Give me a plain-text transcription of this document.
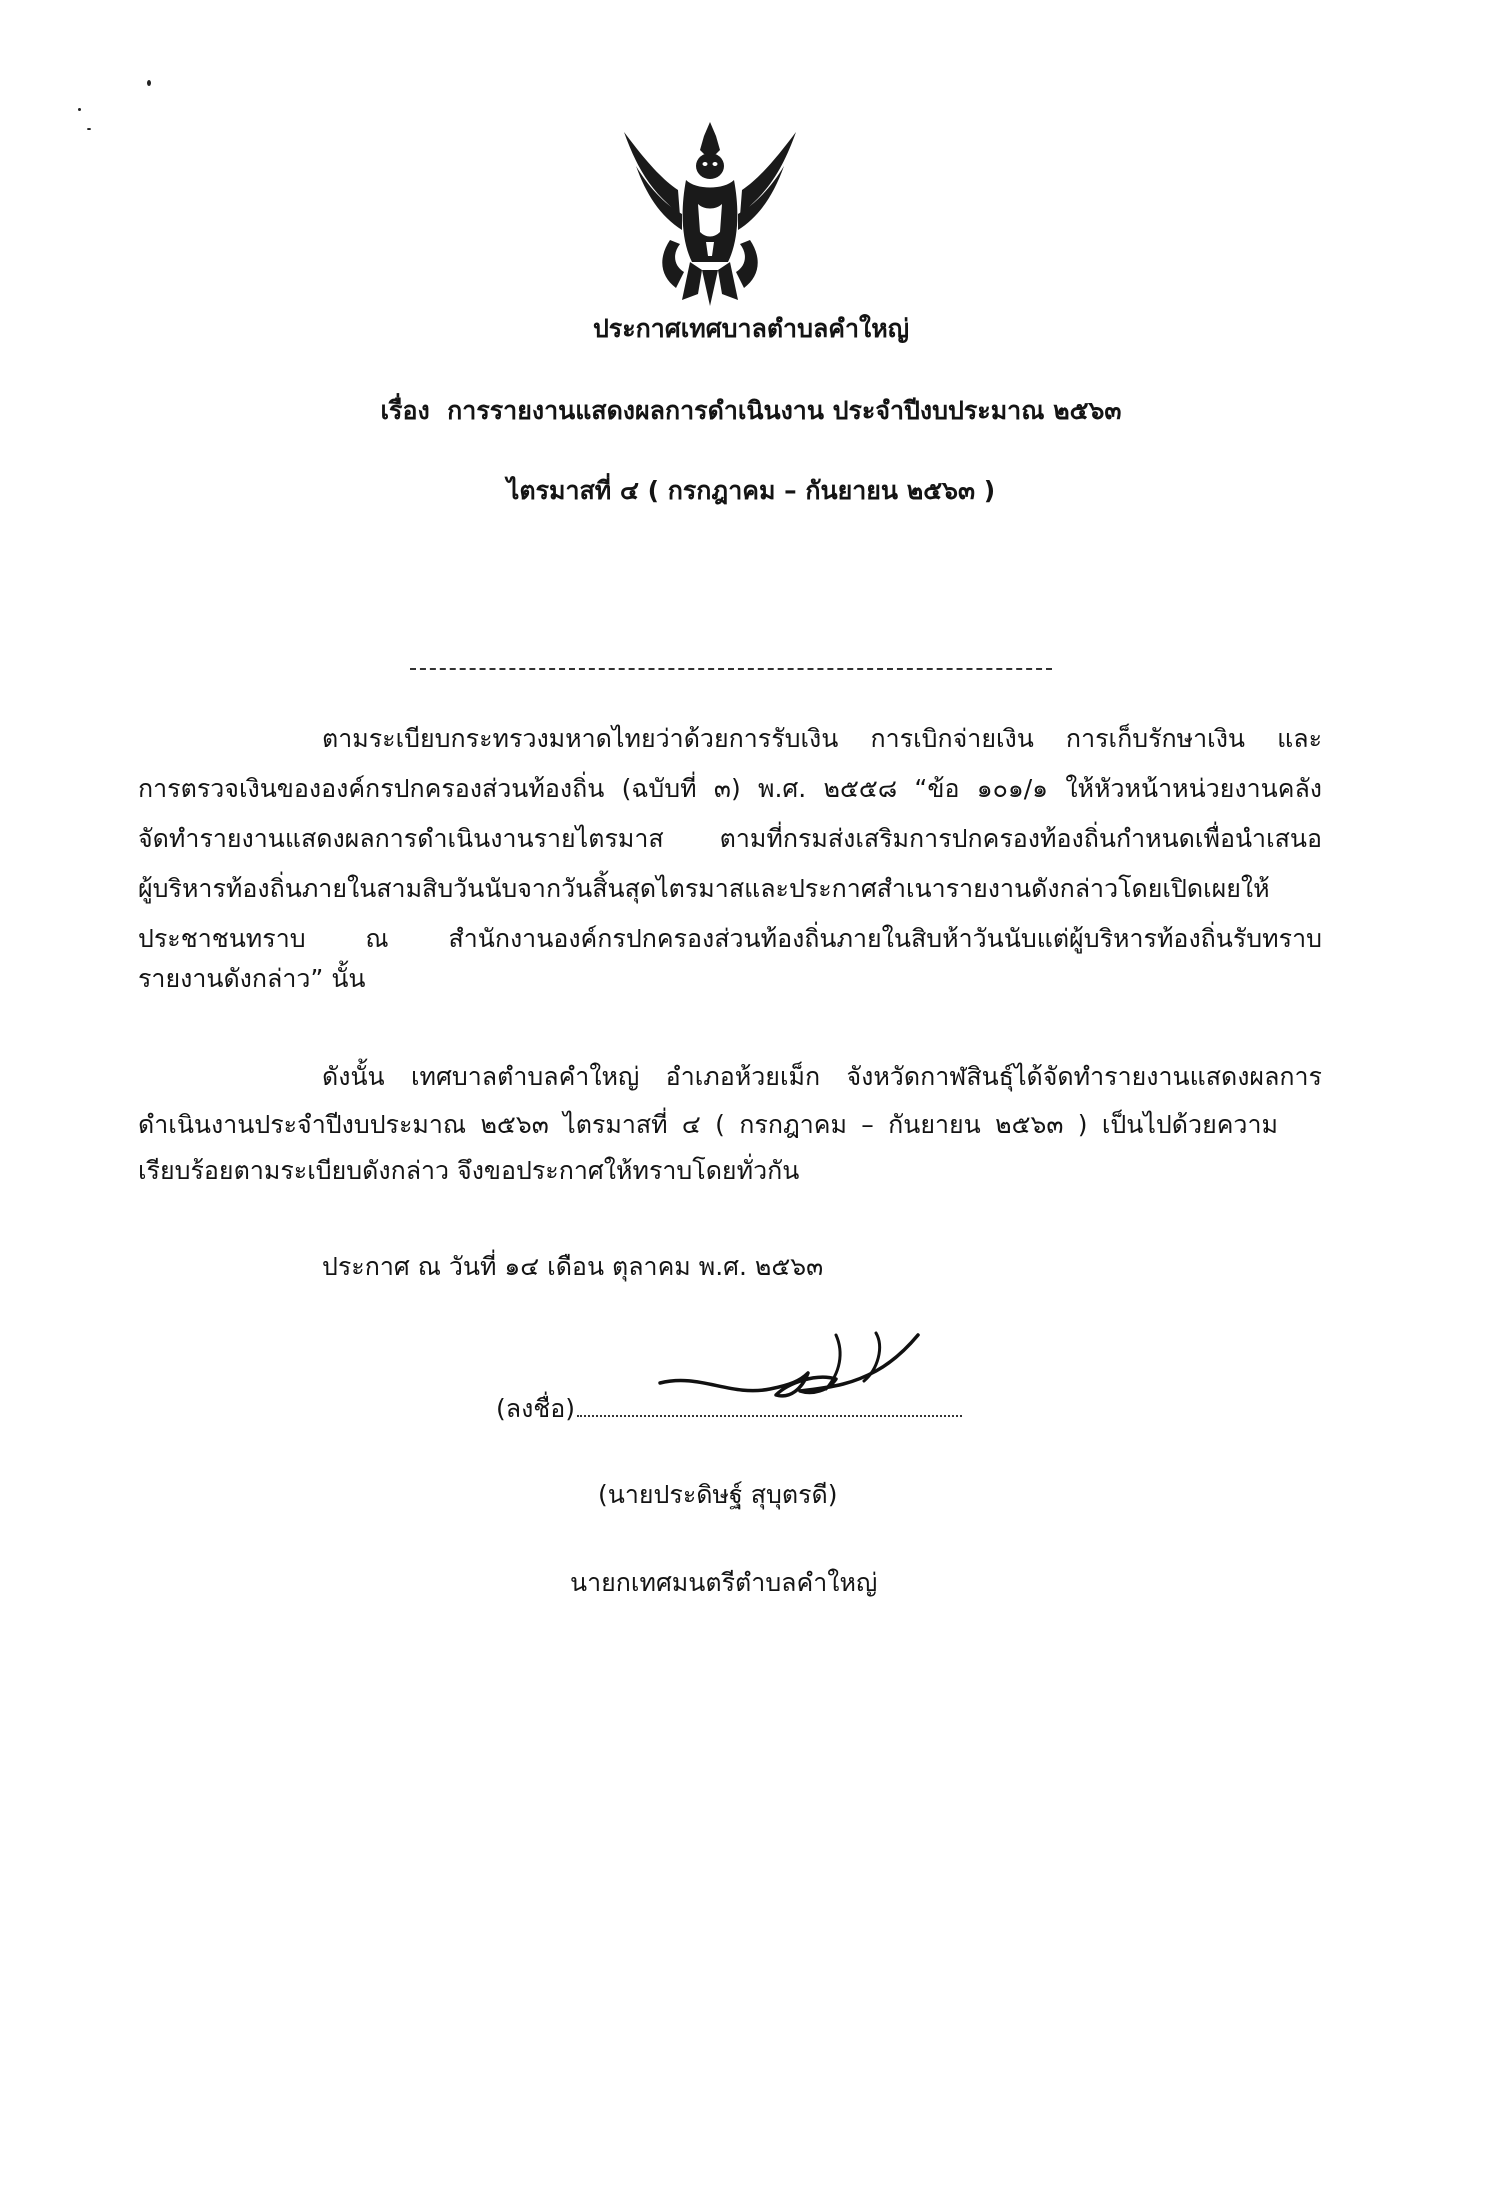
ประกาศเทศบาลตำบลคำใหญ่
เรื่อง การรายงานแสดงผลการดำเนินงาน ประจำปีงบประมาณ ๒๕๖๓
ไตรมาสที่ ๔ ( กรกฎาคม – กันยายน ๒๕๖๓ )
ตามระเบียบกระทรวงมหาดไทยว่าด้วยการรับเงิน การเบิกจ่ายเงิน การเก็บรักษาเงิน และ
การตรวจเงินขององค์กรปกครองส่วนท้องถิ่น (ฉบับที่ ๓) พ.ศ. ๒๕๕๘ “ข้อ ๑๐๑/๑ ให้หัวหน้าหน่วยงานคลัง
จัดทำรายงานแสดงผลการดำเนินงานรายไตรมาส ตามที่กรมส่งเสริมการปกครองท้องถิ่นกำหนดเพื่อนำเสนอ
ผู้บริหารท้องถิ่นภายในสามสิบวันนับจากวันสิ้นสุดไตรมาสและประกาศสำเนารายงานดังกล่าวโดยเปิดเผยให้
ประชาชนทราบ ณ สำนักงานองค์กรปกครองส่วนท้องถิ่นภายในสิบห้าวันนับแต่ผู้บริหารท้องถิ่นรับทราบ
รายงานดังกล่าว” นั้น
ดังนั้น เทศบาลตำบลคำใหญ่ อำเภอห้วยเม็ก จังหวัดกาฬสินธุ์ได้จัดทำรายงานแสดงผลการ
ดำเนินงานประจำปีงบประมาณ ๒๕๖๓ ไตรมาสที่ ๔ ( กรกฎาคม – กันยายน ๒๕๖๓ ) เป็นไปด้วยความ
เรียบร้อยตามระเบียบดังกล่าว จึงขอประกาศให้ทราบโดยทั่วกัน
ประกาศ ณ วันที่ ๑๔ เดือน ตุลาคม พ.ศ. ๒๕๖๓
(ลงชื่อ)
(นายประดิษฐ์ สุบุตรดี)
นายกเทศมนตรีตำบลคำใหญ่
